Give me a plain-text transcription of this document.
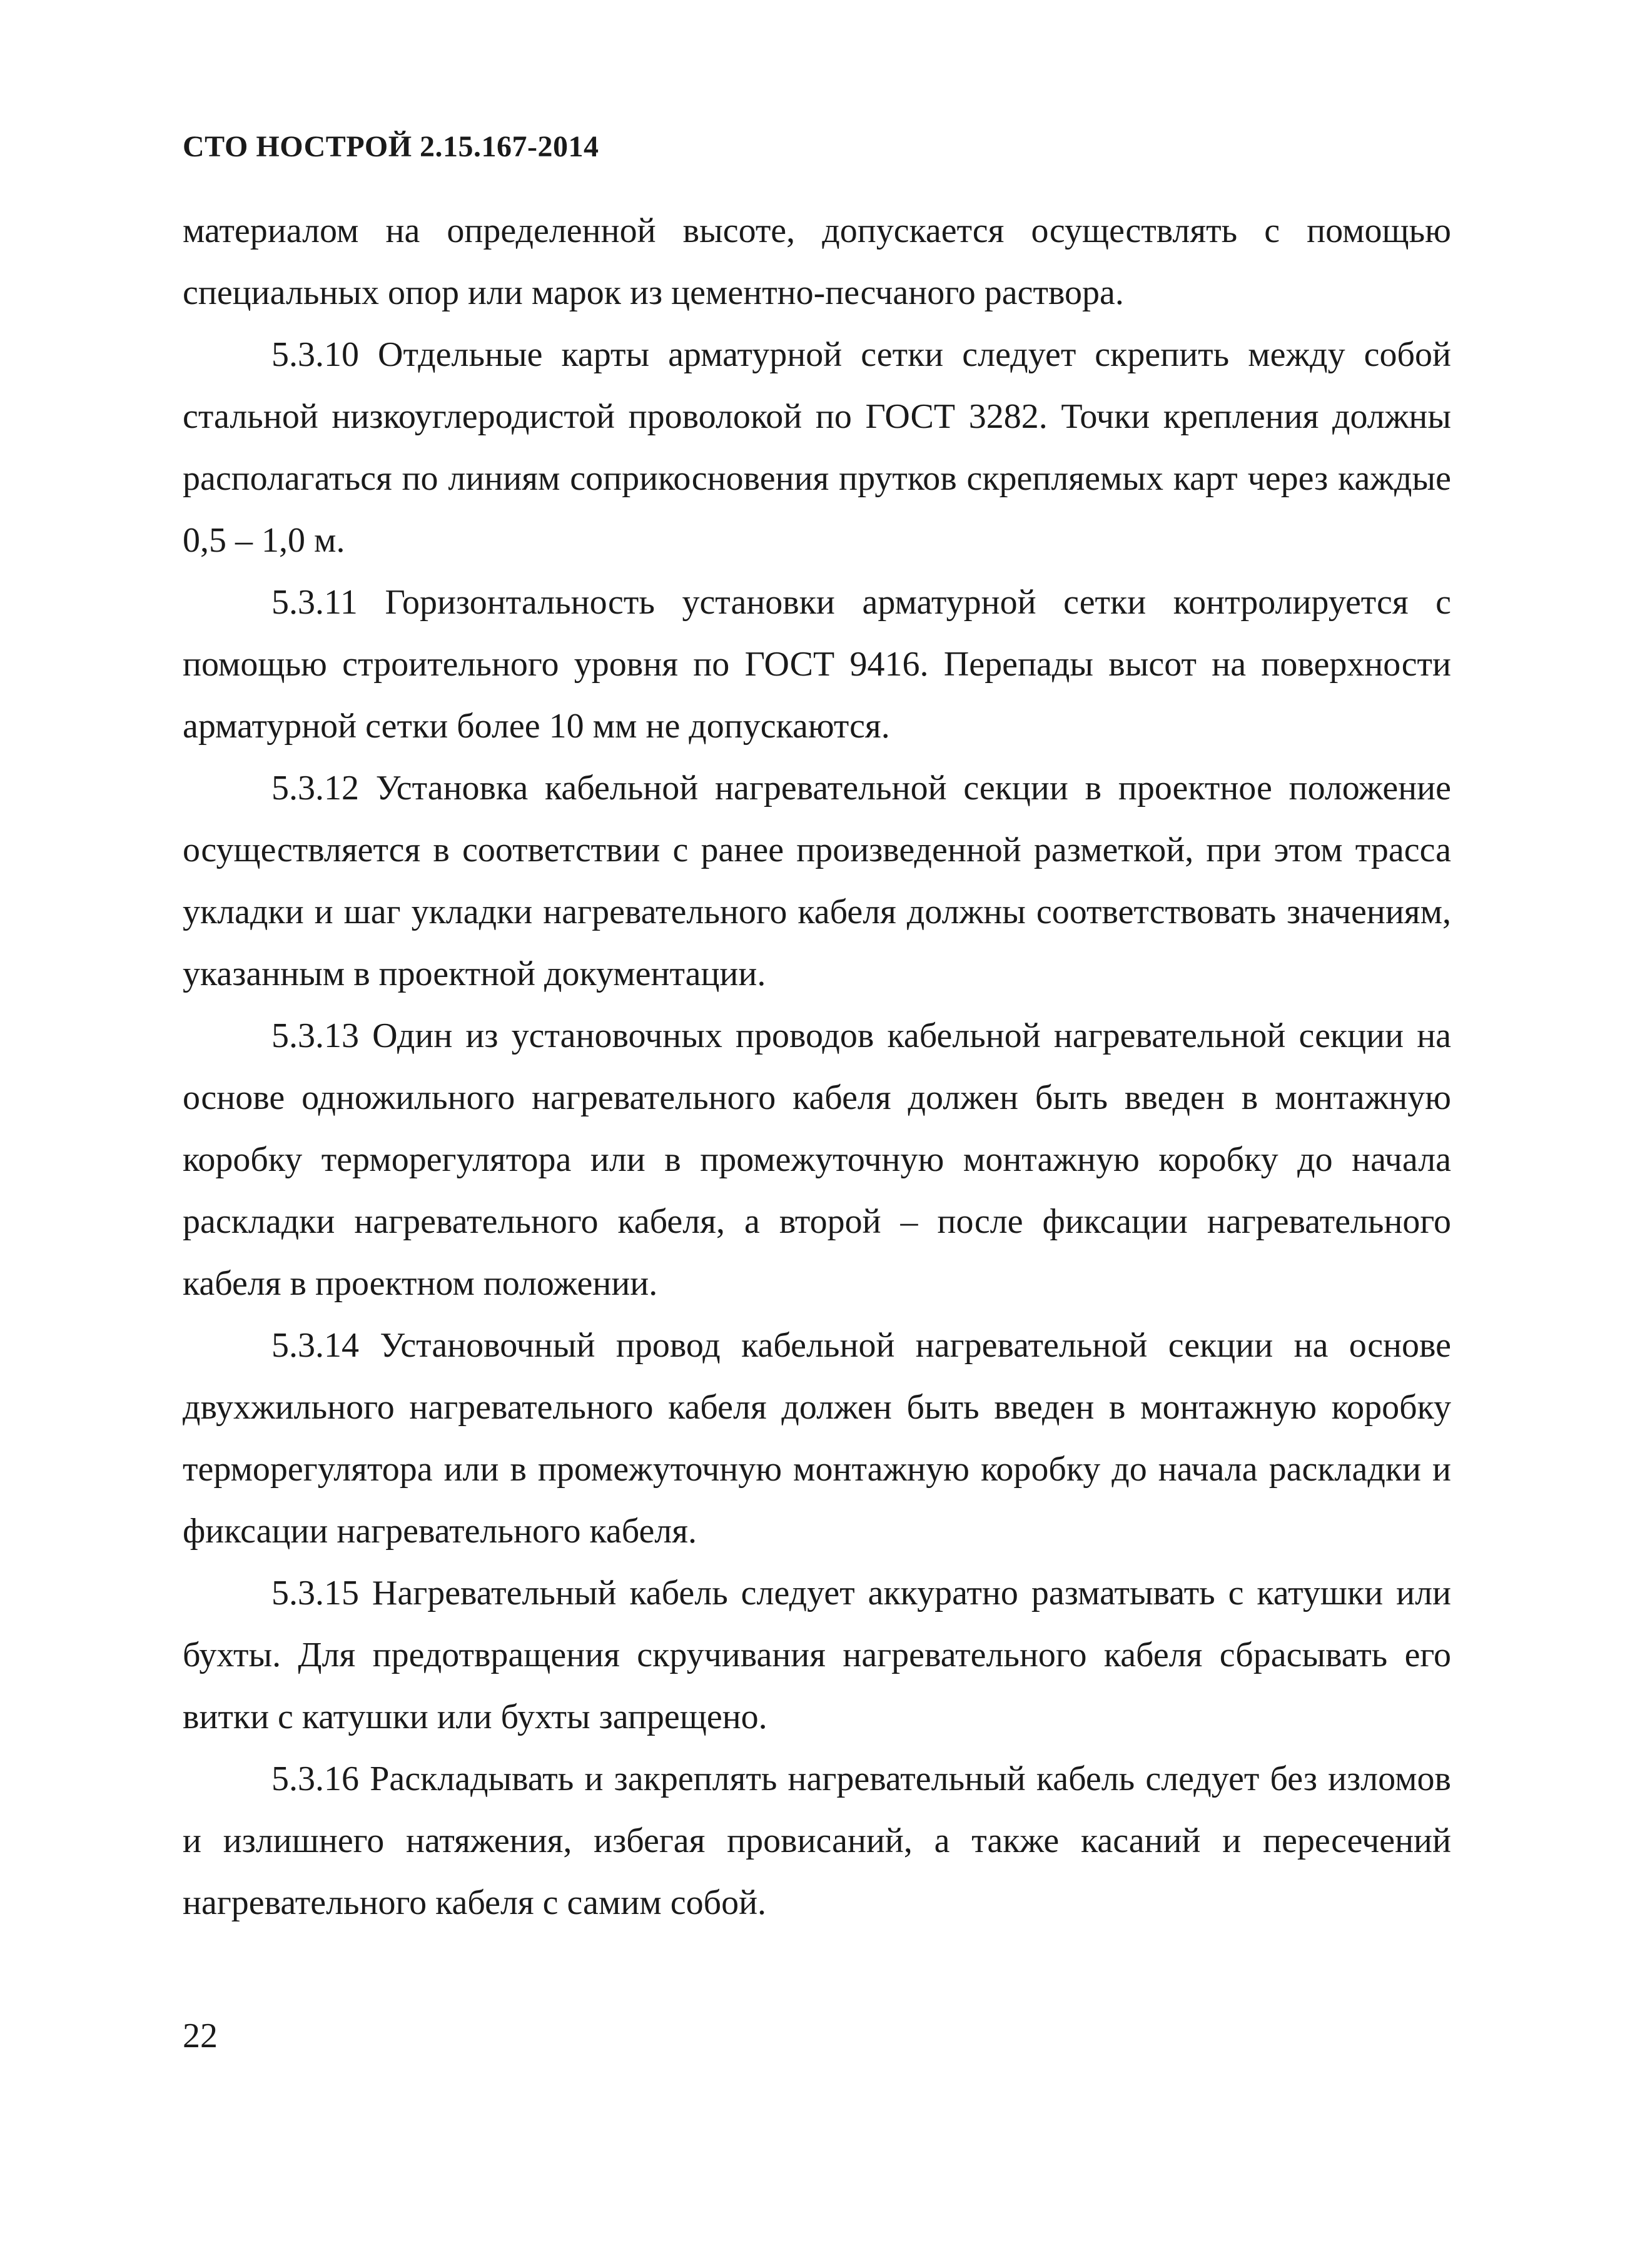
СТО НОСТРОЙ 2.15.167-2014

материалом на определенной высоте, допускается осуществлять с помощью специальных опор или марок из цементно-песчаного раствора.

5.3.10 Отдельные карты арматурной сетки следует скрепить между собой стальной низкоуглеродистой проволокой по ГОСТ 3282. Точки крепления должны располагаться по линиям соприкосновения прутков скрепляемых карт через каждые 0,5 – 1,0 м.

5.3.11 Горизонтальность установки арматурной сетки контролируется с помощью строительного уровня по ГОСТ 9416. Перепады высот на поверхности арматурной сетки более 10 мм не допускаются.

5.3.12 Установка кабельной нагревательной секции в проектное положение осуществляется в соответствии с ранее произведенной разметкой, при этом трасса укладки и шаг укладки нагревательного кабеля должны соответствовать значениям, указанным в проектной документации.

5.3.13 Один из установочных проводов кабельной нагревательной секции на основе одножильного нагревательного кабеля должен быть введен в монтажную коробку терморегулятора или в промежуточную монтажную коробку до начала раскладки нагревательного кабеля, а второй – после фиксации нагревательного кабеля в проектном положении.

5.3.14 Установочный провод кабельной нагревательной секции на основе двухжильного нагревательного кабеля должен быть введен в монтажную коробку терморегулятора или в промежуточную монтажную коробку до начала раскладки и фиксации нагревательного кабеля.

5.3.15 Нагревательный кабель следует аккуратно разматывать с катушки или бухты. Для предотвращения скручивания нагревательного кабеля сбрасывать его витки с катушки или бухты запрещено.

5.3.16 Раскладывать и закреплять нагревательный кабель следует без изломов и излишнего натяжения, избегая провисаний, а также касаний и пересечений нагревательного кабеля с самим собой.

22
